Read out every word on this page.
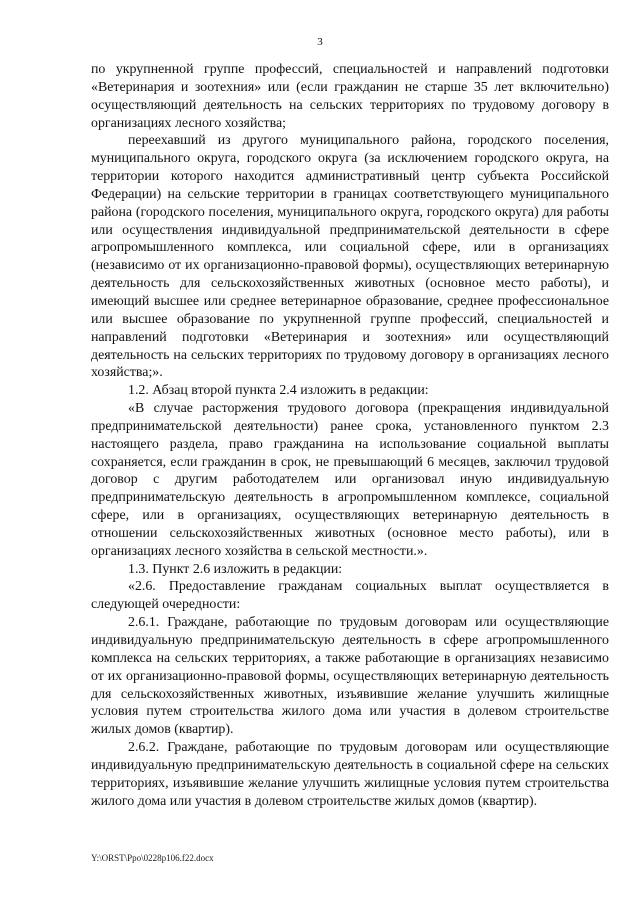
3

по укрупненной группе профессий, специальностей и направлений подготовки «Ветеринария и зоотехния» или (если гражданин не старше 35 лет включительно) осуществляющий деятельность на сельских территориях по трудовому договору в организациях лесного хозяйства;

переехавший из другого муниципального района, городского поселения, муниципального округа, городского округа (за исключением городского округа, на территории которого находится административный центр субъекта Российской Федерации) на сельские территории в границах соответствующего муниципального района (городского поселения, муниципального округа, городского округа) для работы или осуществления индивидуальной предпринимательской деятельности в сфере агропромышленного комплекса, или социальной сфере, или в организациях (независимо от их организационно-правовой формы), осуществляющих ветеринарную деятельность для сельскохозяйственных животных (основное место работы), и имеющий высшее или среднее ветеринарное образование, среднее профессиональное или высшее образование по укрупненной группе профессий, специальностей и направлений подготовки «Ветеринария и зоотехния» или осуществляющий деятельность на сельских территориях по трудовому договору в организациях лесного хозяйства;».

1.2. Абзац второй пункта 2.4 изложить в редакции:

«В случае расторжения трудового договора (прекращения индивидуальной предпринимательской деятельности) ранее срока, установленного пунктом 2.3 настоящего раздела, право гражданина на использование социальной выплаты сохраняется, если гражданин в срок, не превышающий 6 месяцев, заключил трудовой договор с другим работодателем или организовал иную индивидуальную предпринимательскую деятельность в агропромышленном комплексе, социальной сфере, или в организациях, осуществляющих ветеринарную деятельность в отношении сельскохозяйственных животных (основное место работы), или в организациях лесного хозяйства в сельской местности.».

1.3. Пункт 2.6 изложить в редакции:

«2.6. Предоставление гражданам социальных выплат осуществляется в следующей очередности:

2.6.1. Граждане, работающие по трудовым договорам или осуществляющие индивидуальную предпринимательскую деятельность в сфере агропромышленного комплекса на сельских территориях, а также работающие в организациях независимо от их организационно-правовой формы, осуществляющих ветеринарную деятельность для сельскохозяйственных животных, изъявившие желание улучшить жилищные условия путем строительства жилого дома или участия в долевом строительстве жилых домов (квартир).

2.6.2. Граждане, работающие по трудовым договорам или осуществляющие индивидуальную предпринимательскую деятельность в социальной сфере на сельских территориях, изъявившие желание улучшить жилищные условия путем строительства жилого дома или участия в долевом строительстве жилых домов (квартир).

Y:\ORST\Ppo\0228p106.f22.docx
